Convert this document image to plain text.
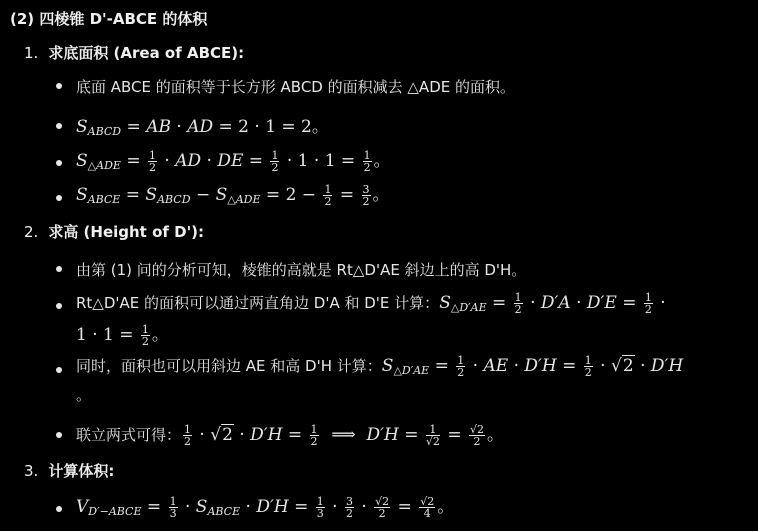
(2) 四棱锥 D'-ABCE 的体积
1. 求底面积 (Area of ABCE):
底面 ABCE 的面积等于长方形 ABCD 的面积减去 △ADE 的面积。
$S_{ABCD}$ = AB · AD = 2 · 1 = 2。
$S_{\triangle ADE} = \frac{1}{2}$ · AD · DE = $\frac{1}{2} \cdot 1 \cdot 1 = \frac{1}{2}$ 。
$S_{ABCE} = S_{ABCD} - S_{\triangle ADE} = 2 - \frac{1}{2} = \frac{3}{2}$ 。
2. 求高 (Height of D'):
由第 (1) 问的分析可知，棱锥的高就是 Rt△D'AE 斜边上的高 D'H。
Rt△D'AE 的面积可以通过两直角边 D'A 和 D'E 计算：$S_{\triangle D'AE} = \frac{1}{2} \cdot D'A \cdot D'E = \frac{1}{2}$ ·
$1 \cdot 1 = \frac{1}{2}$ 。
同时，面积也可以用斜边 AE 和高 D'H 计算：$S_{\triangle D'AE} = \frac{1}{2}$ · AE · $D'H = \frac{1}{2} \cdot √2 \cdot D'H$
。
联立两式可得： $\frac{1}{2} \cdot √2 \cdot D'H = \frac{1}{2}$ ⟹  $D'H = \frac{1}{√2} = \frac{√2}{2}$ 。
3. 计算体积:
$V_{D'-ABCE} = \frac{1}{3} \cdot S_{ABCE} \cdot D'H = \frac{1}{3} \cdot \frac{3}{2} \cdot \frac{√2}{2} = \frac{√2}{4}$ 。
